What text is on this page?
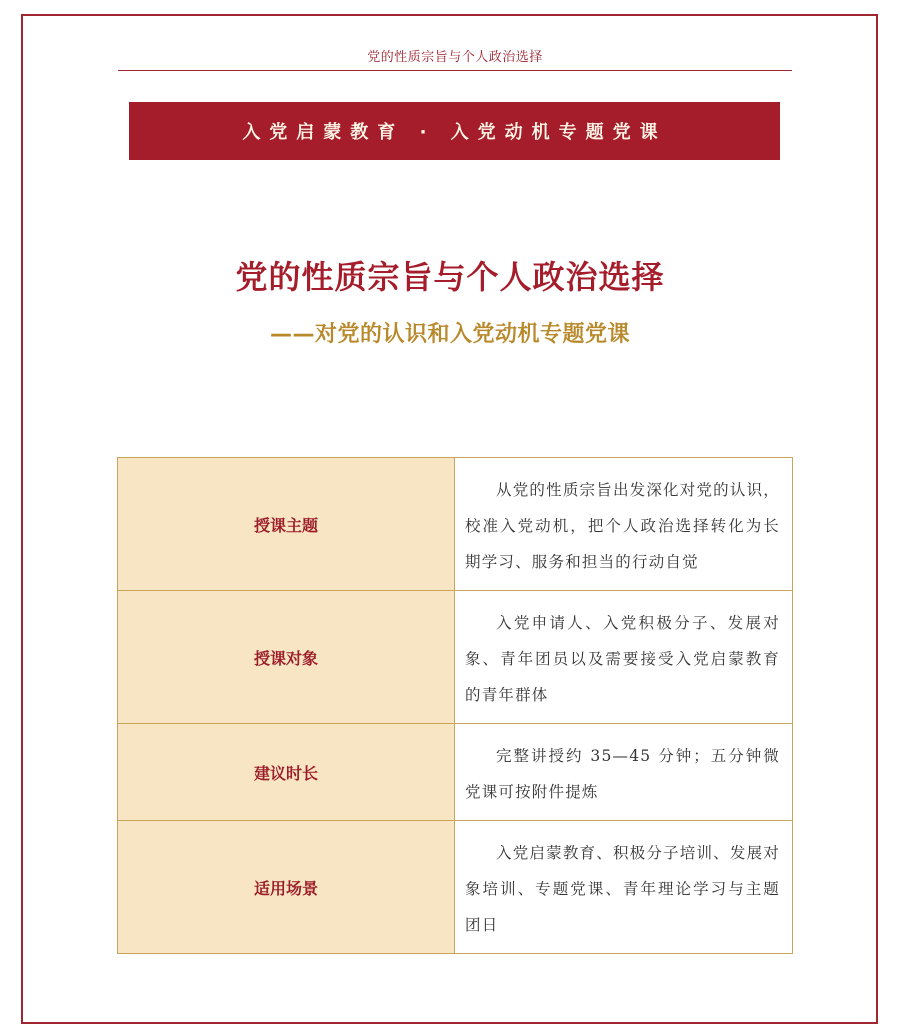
党的性质宗旨与个人政治选择
入党启蒙教育 · 入党动机专题党课
党的性质宗旨与个人政治选择
——对党的认识和入党动机专题党课
授课主题	从党的性质宗旨出发深化对党的认识，校准入党动机，把个人政治选择转化为长期学习、服务和担当的行动自觉
授课对象	入党申请人、入党积极分子、发展对象、青年团员以及需要接受入党启蒙教育的青年群体
建议时长	完整讲授约 35—45 分钟；五分钟微党课可按附件提炼
适用场景	入党启蒙教育、积极分子培训、发展对象培训、专题党课、青年理论学习与主题团日
